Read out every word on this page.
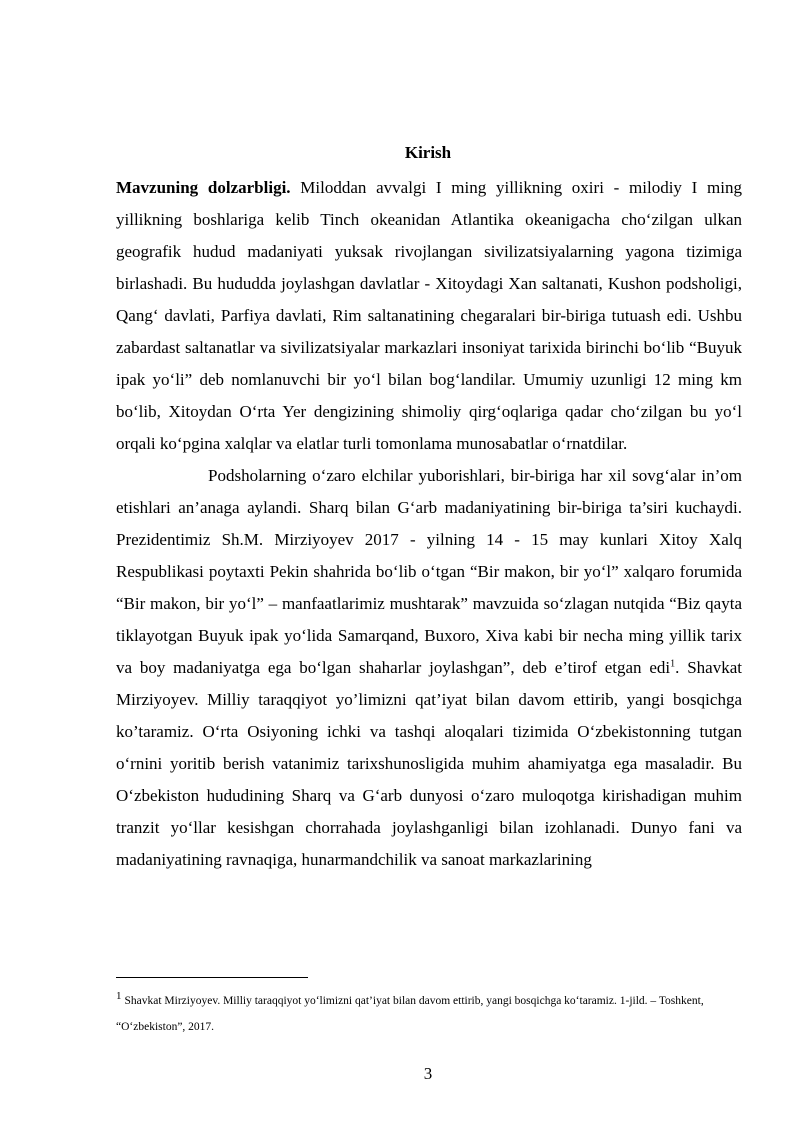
Kirish

Mavzuning dolzarbligi. Miloddan avvalgi I ming yillikning oxiri - milodiy I ming yillikning boshlariga kelib Tinch okeanidan Atlantika okeanigacha cho‘zilgan ulkan geografik hudud madaniyati yuksak rivojlangan sivilizatsiyalarning yagona tizimiga birlashadi. Bu hududda joylashgan davlatlar - Xitoydagi Xan saltanati, Kushon podsholigi, Qang‘ davlati, Parfiya davlati, Rim saltanatining chegaralari bir-biriga tutuash edi. Ushbu zabardast saltanatlar va sivilizatsiyalar markazlari insoniyat tarixida birinchi bo‘lib “Buyuk ipak yo‘li” deb nomlanuvchi bir yo‘l bilan bog‘landilar. Umumiy uzunligi 12 ming km bo‘lib, Xitoydan O‘rta Yer dengizining shimoliy qirg‘oqlariga qadar cho‘zilgan bu yo‘l orqali ko‘pgina xalqlar va elatlar turli tomonlama munosabatlar o‘rnatdilar.

Podsholarning o‘zaro elchilar yuborishlari, bir-biriga har xil sovg‘alar in’om etishlari an’anaga aylandi. Sharq bilan G‘arb madaniyatining bir-biriga ta’siri kuchaydi. Prezidentimiz Sh.M. Mirziyoyev 2017 - yilning 14 - 15 may kunlari Xitoy Xalq Respublikasi poytaxti Pekin shahrida bo‘lib o‘tgan “Bir makon, bir yo‘l” xalqaro forumida “Bir makon, bir yo‘l” – manfaatlarimiz mushtarak” mavzuida so‘zlagan nutqida “Biz qayta tiklayotgan Buyuk ipak yo‘lida Samarqand, Buxoro, Xiva kabi bir necha ming yillik tarix va boy madaniyatga ega bo‘lgan shaharlar joylashgan”, deb e’tirof etgan edi$^1$. Shavkat Mirziyoyev. Milliy taraqqiyot yo’limizni qat’iyat bilan davom ettirib, yangi bosqichga ko’taramiz. O‘rta Osiyoning ichki va tashqi aloqalari tizimida O‘zbekistonning tutgan o‘rnini yoritib berish vatanimiz tarixshunosligida muhim ahamiyatga ega masaladir. Bu O‘zbekiston hududining Sharq va G‘arb dunyosi o‘zaro muloqotga kirishadigan muhim tranzit yo‘llar kesishgan chorrahada joylashganligi bilan izohlanadi. Dunyo fani va madaniyatining ravnaqiga, hunarmandchilik va sanoat markazlarining

1 Shavkat Mirziyoyev. Milliy taraqqiyot yo‘limizni qat’iyat bilan davom ettirib, yangi bosqichga ko‘taramiz. 1-jild. – Toshkent, “O‘zbekiston”, 2017.

3
